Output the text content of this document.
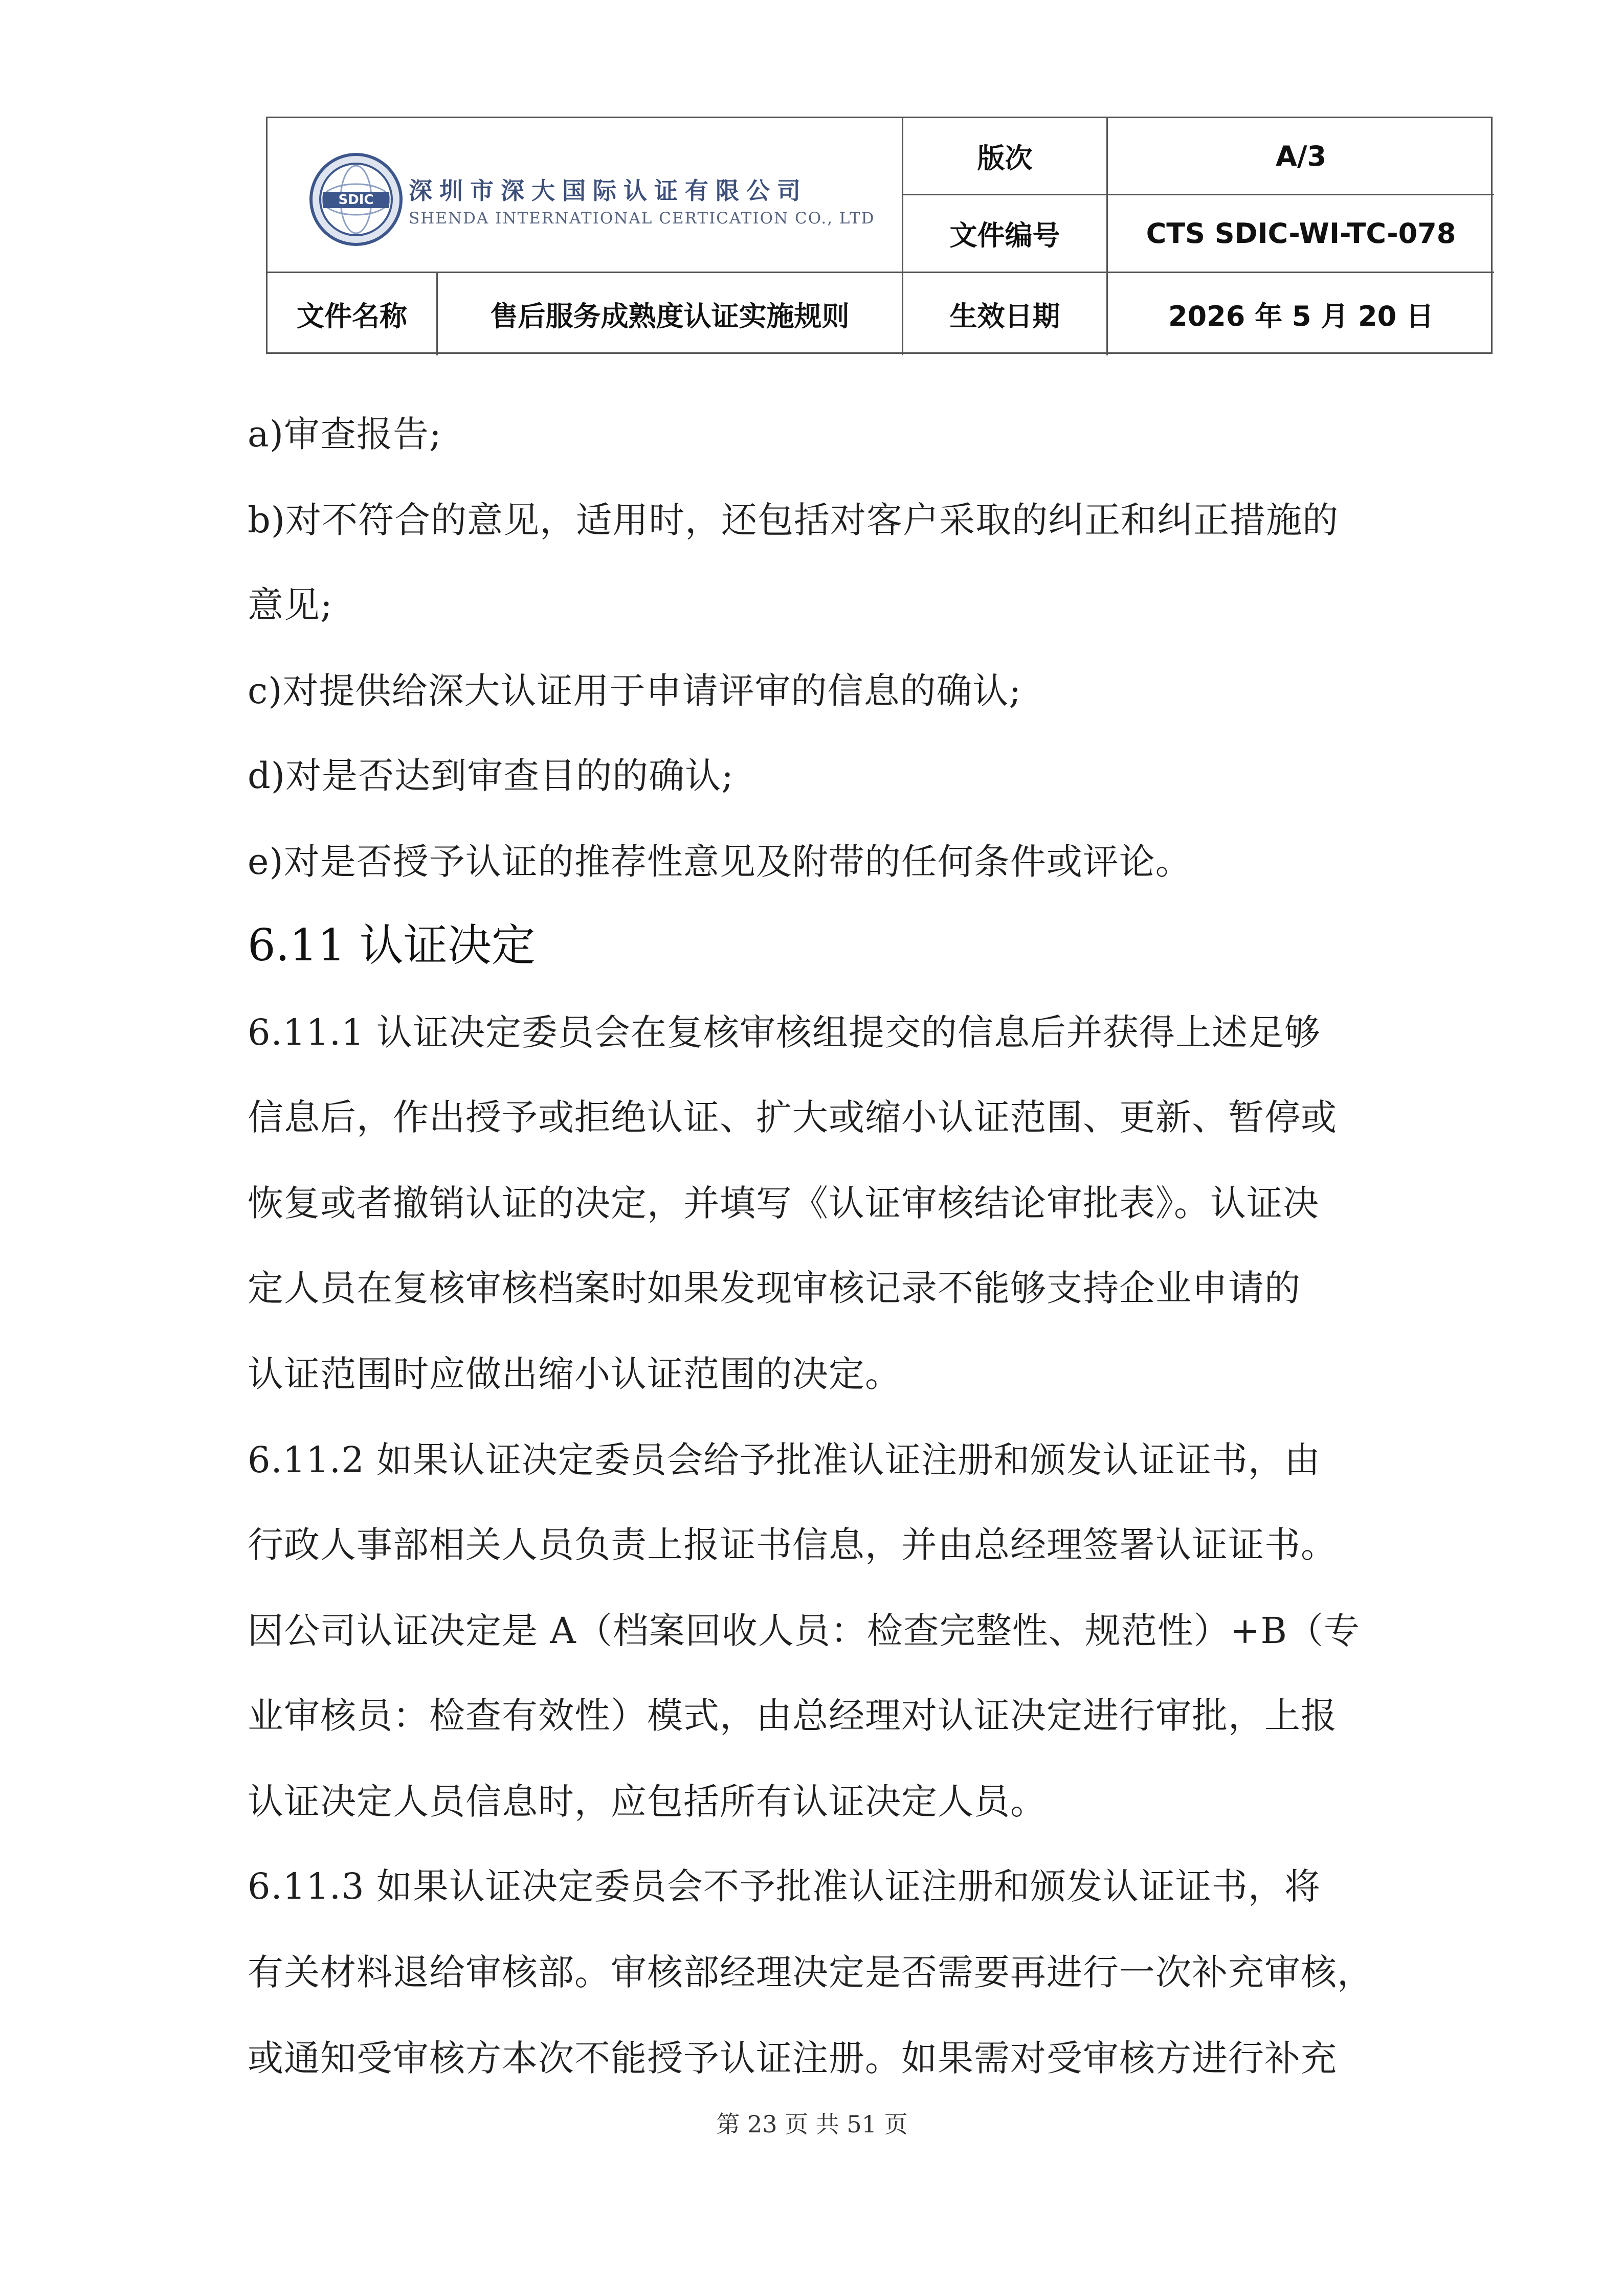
SDIC 深圳市深大国际认证有限公司
SHENDA INTERNATIONAL CERTICATION CO., LTD
版次	A/3
文件编号	CTS SDIC-WI-TC-078
文件名称	售后服务成熟度认证实施规则	生效日期	2026 年 5 月 20 日
a)审查报告;
b)对不符合的意见，适用时，还包括对客户采取的纠正和纠正措施的
意见;
c)对提供给深大认证用于申请评审的信息的确认;
d)对是否达到审查目的的确认;
e)对是否授予认证的推荐性意见及附带的任何条件或评论。
6.11 认证决定
6.11.1 认证决定委员会在复核审核组提交的信息后并获得上述足够
信息后，作出授予或拒绝认证、扩大或缩小认证范围、更新、暂停或
恢复或者撤销认证的决定，并填写《认证审核结论审批表》。认证决
定人员在复核审核档案时如果发现审核记录不能够支持企业申请的
认证范围时应做出缩小认证范围的决定。
6.11.2 如果认证决定委员会给予批准认证注册和颁发认证证书，由
行政人事部相关人员负责上报证书信息，并由总经理签署认证证书。
因公司认证决定是 A（档案回收人员：检查完整性、规范性）+B（专
业审核员：检查有效性）模式，由总经理对认证决定进行审批，上报
认证决定人员信息时，应包括所有认证决定人员。
6.11.3 如果认证决定委员会不予批准认证注册和颁发认证证书，将
有关材料退给审核部。审核部经理决定是否需要再进行一次补充审核，
或通知受审核方本次不能授予认证注册。如果需对受审核方进行补充
第 23 页 共 51 页
